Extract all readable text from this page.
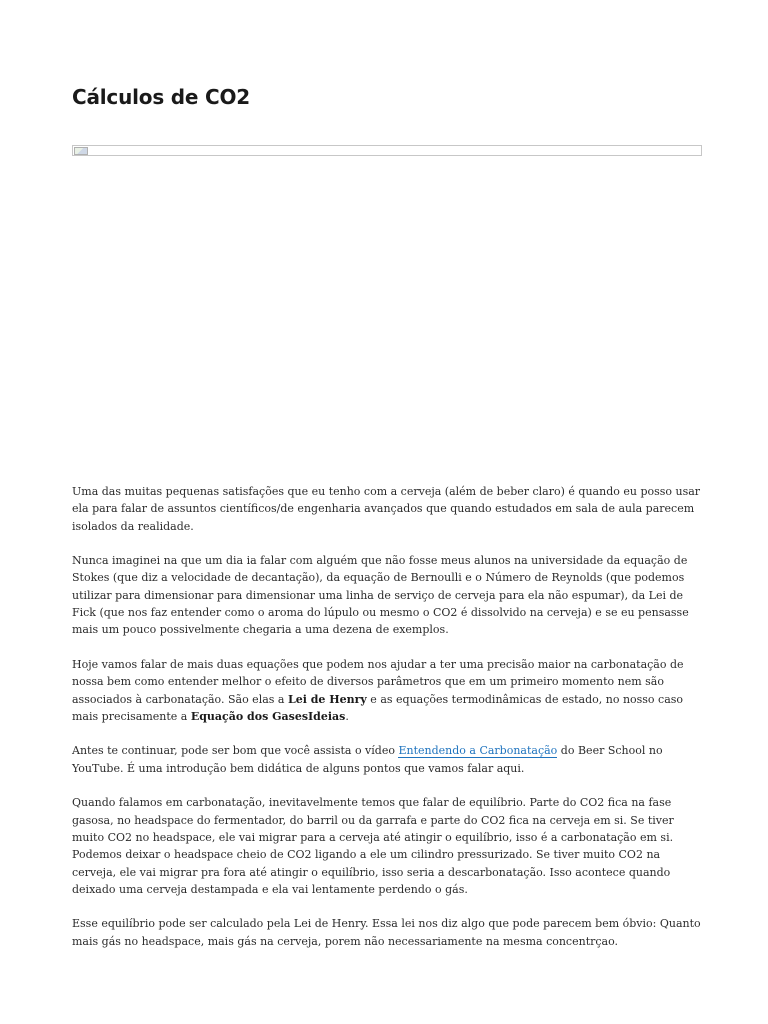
Cálculos de CO2

Uma das muitas pequenas satisfações que eu tenho com a cerveja (além de beber claro) é quando eu posso usar ela para falar de assuntos científicos/de engenharia avançados que quando estudados em sala de aula parecem isolados da realidade.

Nunca imaginei na que um dia ia falar com alguém que não fosse meus alunos na universidade da equação de Stokes (que diz a velocidade de decantação), da equação de Bernoulli e o Número de Reynolds (que podemos utilizar para dimensionar para dimensionar uma linha de serviço de cerveja para ela não espumar), da Lei de Fick (que nos faz entender como o aroma do lúpulo ou mesmo o CO2 é dissolvido na cerveja) e se eu pensasse mais um pouco possivelmente chegaria a uma dezena de exemplos.

Hoje vamos falar de mais duas equações que podem nos ajudar a ter uma precisão maior na carbonatação de nossa bem como entender melhor o efeito de diversos parâmetros que em um primeiro momento nem são associados à carbonatação. São elas a Lei de Henry e as equações termodinâmicas de estado, no nosso caso mais precisamente a Equação dos GasesIdeias.

Antes te continuar, pode ser bom que você assista o vídeo Entendendo a Carbonatação do Beer School no YouTube. É uma introdução bem didática de alguns pontos que vamos falar aqui.

Quando falamos em carbonatação, inevitavelmente temos que falar de equilíbrio. Parte do CO2 fica na fase gasosa, no headspace do fermentador, do barril ou da garrafa e parte do CO2 fica na cerveja em si. Se tiver muito CO2 no headspace, ele vai migrar para a cerveja até atingir o equilíbrio, isso é a carbonatação em si. Podemos deixar o headspace cheio de CO2 ligando a ele um cilindro pressurizado. Se tiver muito CO2 na cerveja, ele vai migrar pra fora até atingir o equilíbrio, isso seria a descarbonatação. Isso acontece quando deixado uma cerveja destampada e ela vai lentamente perdendo o gás.

Esse equilíbrio pode ser calculado pela Lei de Henry. Essa lei nos diz algo que pode parecem bem óbvio: Quanto mais gás no headspace, mais gás na cerveja, porem não necessariamente na mesma concentrçao.
